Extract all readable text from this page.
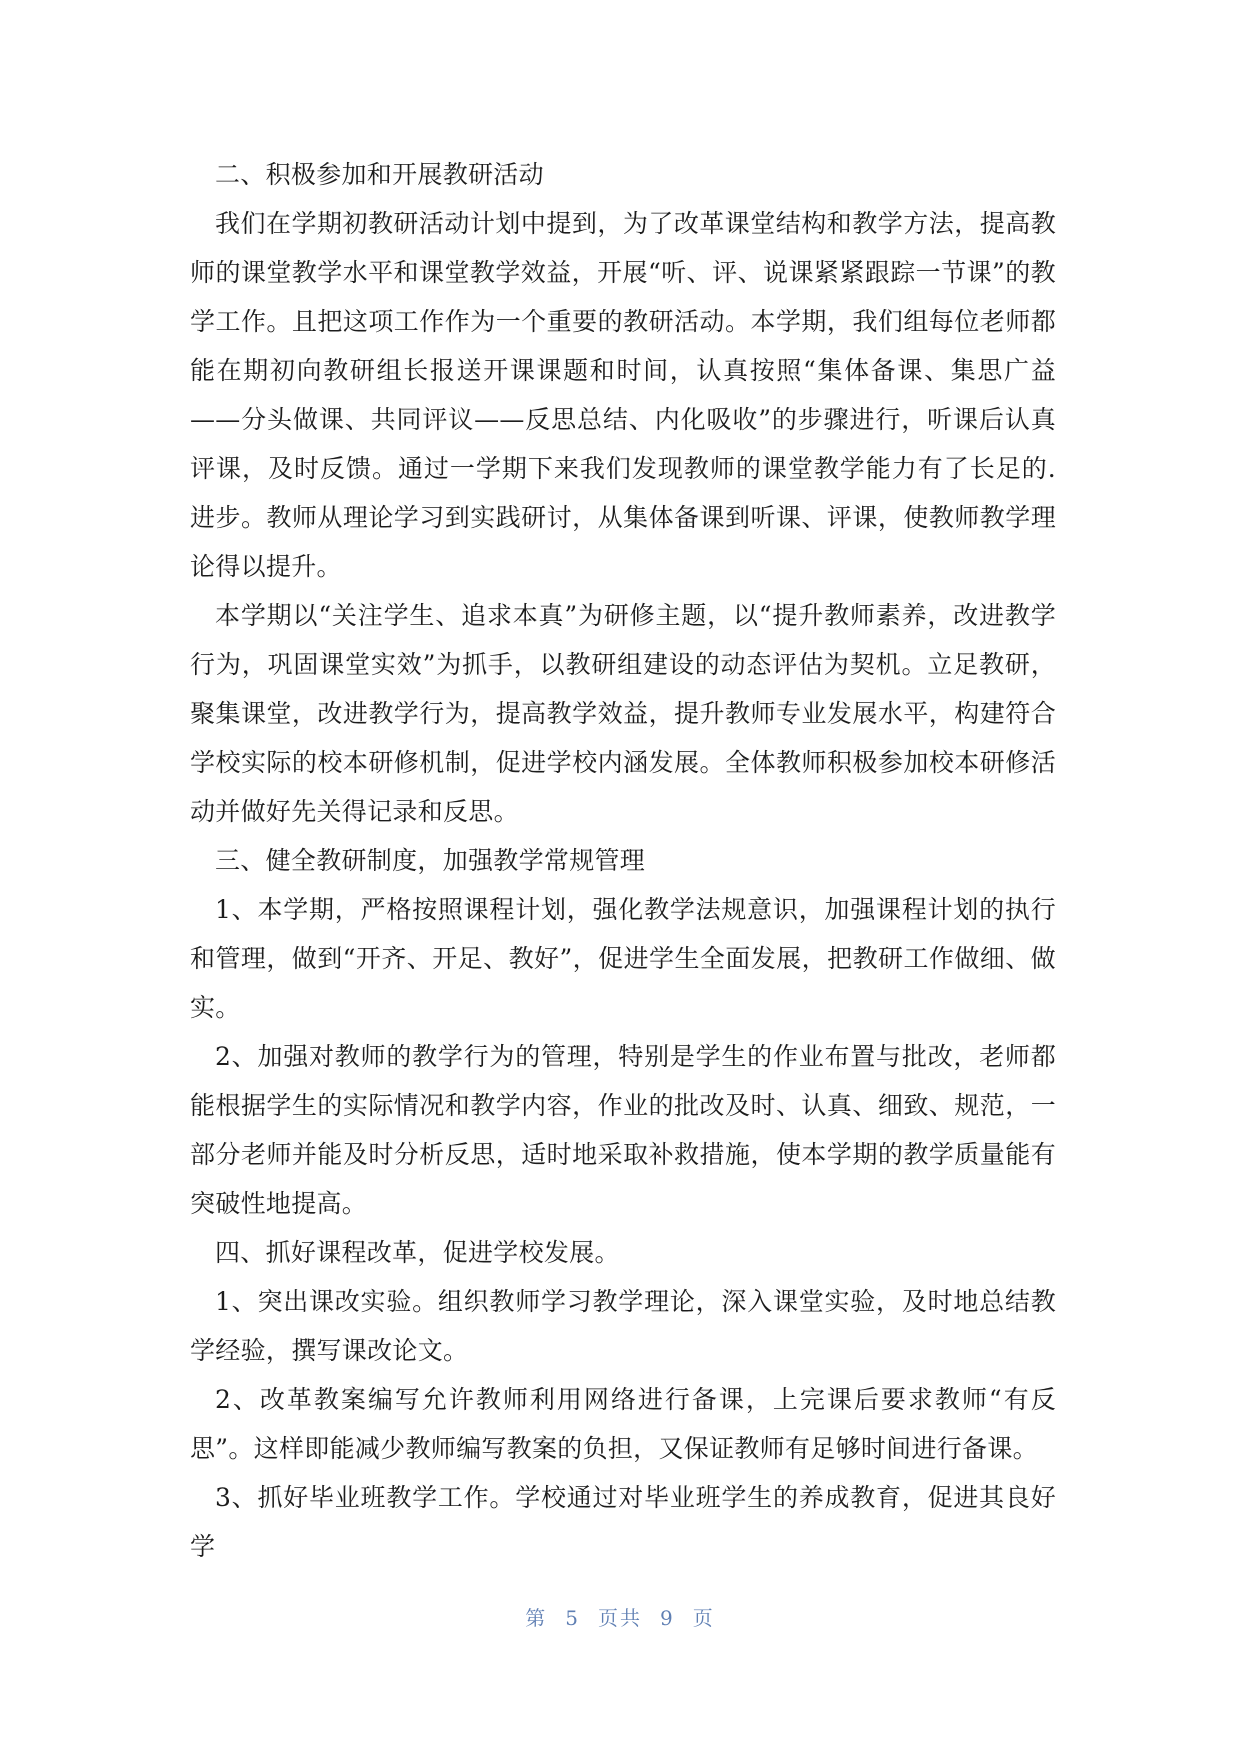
二、积极参加和开展教研活动

我们在学期初教研活动计划中提到，为了改革课堂结构和教学方法，提高教师的课堂教学水平和课堂教学效益，开展“听、评、说课紧紧跟踪一节课”的教学工作。且把这项工作作为一个重要的教研活动。本学期，我们组每位老师都能在期初向教研组长报送开课课题和时间，认真按照“集体备课、集思广益——分头做课、共同评议——反思总结、内化吸收”的步骤进行，听课后认真评课，及时反馈。通过一学期下来我们发现教师的课堂教学能力有了长足的.进步。教师从理论学习到实践研讨，从集体备课到听课、评课，使教师教学理论得以提升。

本学期以“关注学生、追求本真”为研修主题，以“提升教师素养，改进教学行为，巩固课堂实效”为抓手，以教研组建设的动态评估为契机。立足教研，聚集课堂，改进教学行为，提高教学效益，提升教师专业发展水平，构建符合学校实际的校本研修机制，促进学校内涵发展。全体教师积极参加校本研修活动并做好先关得记录和反思。

三、健全教研制度，加强教学常规管理

1、本学期，严格按照课程计划，强化教学法规意识，加强课程计划的执行和管理，做到“开齐、开足、教好”，促进学生全面发展，把教研工作做细、做实。

2、加强对教师的教学行为的管理，特别是学生的作业布置与批改，老师都能根据学生的实际情况和教学内容，作业的批改及时、认真、细致、规范，一部分老师并能及时分析反思，适时地采取补救措施，使本学期的教学质量能有突破性地提高。

四、抓好课程改革，促进学校发展。

1、突出课改实验。组织教师学习教学理论，深入课堂实验，及时地总结教学经验，撰写课改论文。

2、改革教案编写允许教师利用网络进行备课，上完课后要求教师“有反思”。这样即能减少教师编写教案的负担，又保证教师有足够时间进行备课。

3、抓好毕业班教学工作。学校通过对毕业班学生的养成教育，促进其良好学

第 5 页共 9 页
